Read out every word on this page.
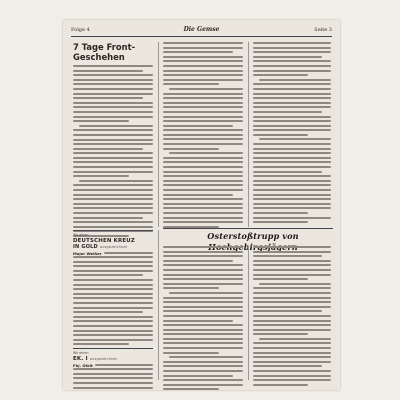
Folge 4	Die Gemse	Seite 3
7 Tage Front-Geschehen
Osterstoßtrupp von
Wir ehren
DEUTSCHEN KREUZ
IN GOLD ausgezeichnet
Major Weißer
Wir ehren
EK. I ausgezeichnet
Fhj. Gfeit
